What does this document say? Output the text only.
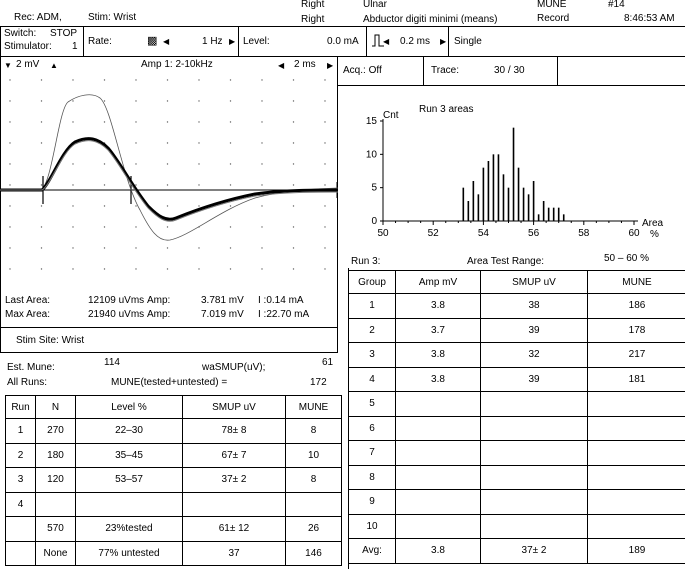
Rec: ADM,	Stim: Wrist
Right
Right
Ulnar
Abductor digiti minimi (means)
MUNE	#14
Record	8:46:53 AM
Switch: STOP
Stimulator: 1 Rate:	▩ ◀	1 Hz ▶ Level:	0.0 mA	◀ 0.2 ms ▶ Single
▼ 2 mV ▲	Amp 1: 2-10kHz	◀ 2 ms ▶
Last Area:	12109 uVms Amp:	3.781 mV I :0.14 mA
Max Area:	21940 uVms Amp:	7.019 mV I :22.70 mA
Stim Site: Wrist
Acq.: Off	Trace:	30 / 30
Run 3 areas
Cnt
Area
%
50	52	54	56	58	60
0
5
10
15
Run 3:	Area Test Range:	50 – 60 %
Est. Mune:	114	waSMUP(uV);	61
All Runs:	MUNE(tested+untested) =	172
Run	N	Level %	SMUP uV	MUNE
1	270	22–30	78± 8	8
2	180	35–45	67± 7	10
3	120	53–57	37± 2	8
4				
	570	23%tested	61± 12	26
	None	77% untested	37	146
Group	Amp mV	SMUP uV	MUNE
1	3.8	38	186
2	3.7	39	178
3	3.8	32	217
4	3.8	39	181
5			
6			
7			
8			
9			
10			
Avg:	3.8	37± 2	189
